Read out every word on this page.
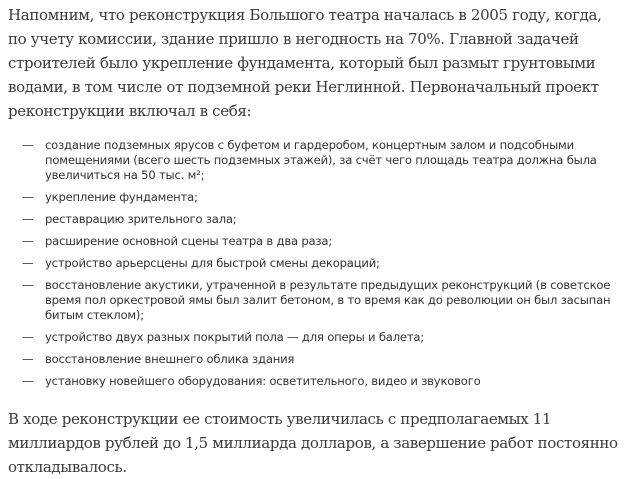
Напомним, что реконструкция Большого театра началась в 2005 году, когда, по учету комиссии, здание пришло в негодность на 70%. Главной задачей строителей было укрепление фундамента, который был размыт грунтовыми водами, в том числе от подземной реки Неглинной. Первоначальный проект реконструкции включал в себя:

— создание подземных ярусов с буфетом и гардеробом, концертным залом и подсобными помещениями (всего шесть подземных этажей), за счёт чего площадь театра должна была увеличиться на 50 тыс. м²;
— укрепление фундамента;
— реставрацию зрительного зала;
— расширение основной сцены театра в два раза;
— устройство арьерсцены для быстрой смены декораций;
— восстановление акустики, утраченной в результате предыдущих реконструкций (в советское время пол оркестровой ямы был залит бетоном, в то время как до революции он был засыпан битым стеклом);
— устройство двух разных покрытий пола — для оперы и балета;
— восстановление внешнего облика здания
— установку новейшего оборудования: осветительного, видео и звукового

В ходе реконструкции ее стоимость увеличилась с предполагаемых 11 миллиардов рублей до 1,5 миллиарда долларов, а завершение работ постоянно откладывалось.
